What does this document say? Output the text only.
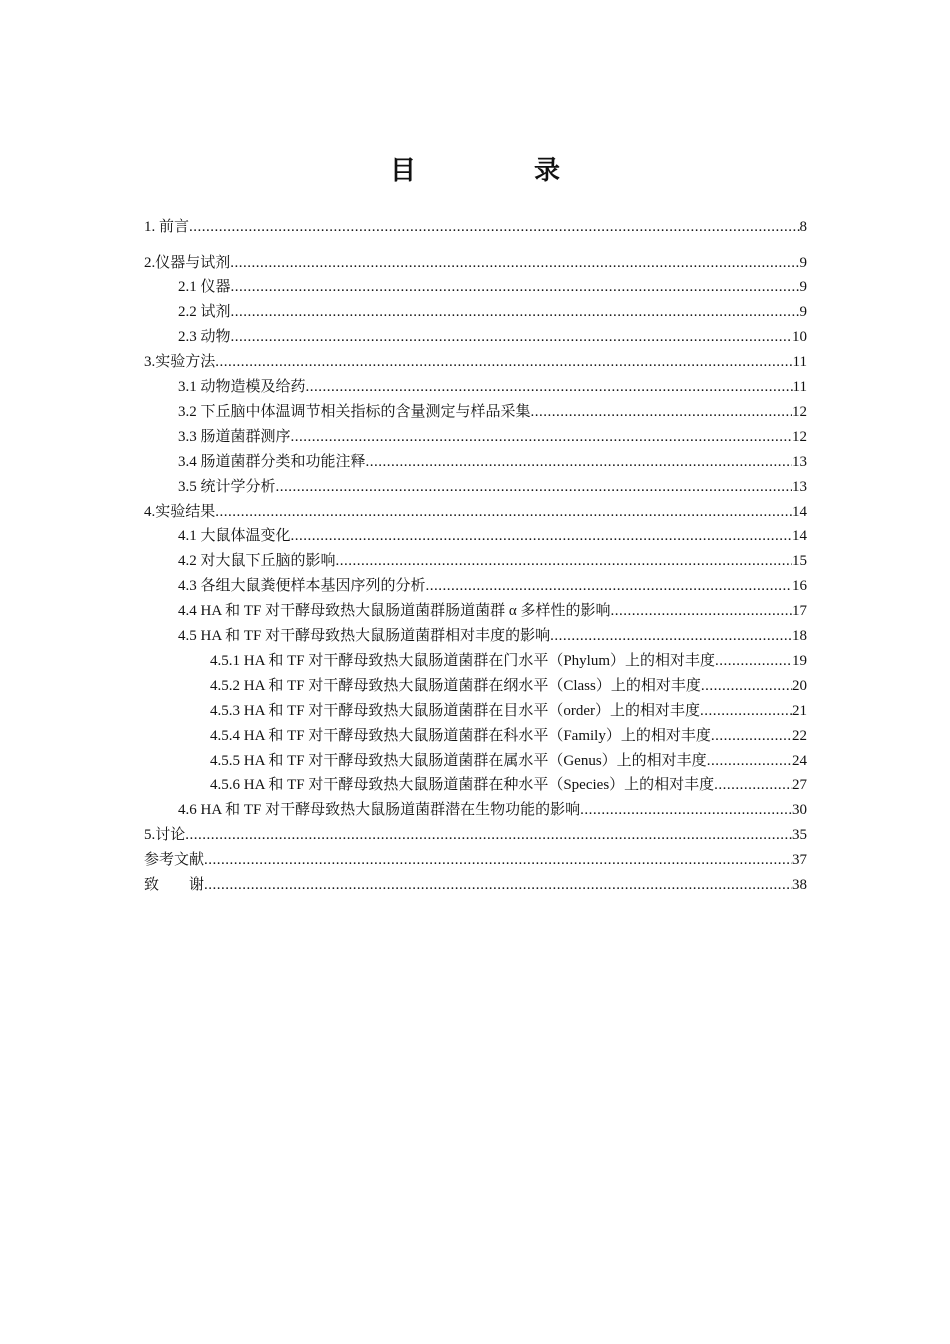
目　录
1. 前言 .....	8
2.仪器与试剂 .....	9
2.1 仪器 .....	9
2.2 试剂 .....	9
2.3 动物 .....	10
3.实验方法 .....	11
3.1 动物造模及给药 .....	11
3.2 下丘脑中体温调节相关指标的含量测定与样品采集 .....	12
3.3 肠道菌群测序 .....	12
3.4 肠道菌群分类和功能注释 .....	13
3.5 统计学分析 .....	13
4.实验结果 .....	14
4.1 大鼠体温变化 .....	14
4.2 对大鼠下丘脑的影响 .....	15
4.3 各组大鼠粪便样本基因序列的分析 .....	16
4.4 HA 和 TF 对干酵母致热大鼠肠道菌群肠道菌群 α 多样性的影响 .....	17
4.5 HA 和 TF 对干酵母致热大鼠肠道菌群相对丰度的影响 .....	18
4.5.1 HA 和 TF 对干酵母致热大鼠肠道菌群在门水平（Phylum）上的相对丰度 .....	19
4.5.2 HA 和 TF 对干酵母致热大鼠肠道菌群在纲水平（Class）上的相对丰度 .....	20
4.5.3 HA 和 TF 对干酵母致热大鼠肠道菌群在目水平（order）上的相对丰度 .....	21
4.5.4 HA 和 TF 对干酵母致热大鼠肠道菌群在科水平（Family）上的相对丰度 .....	22
4.5.5 HA 和 TF 对干酵母致热大鼠肠道菌群在属水平（Genus）上的相对丰度 .....	24
4.5.6 HA 和 TF 对干酵母致热大鼠肠道菌群在种水平（Species）上的相对丰度 .....	27
4.6 HA 和 TF 对干酵母致热大鼠肠道菌群潜在生物功能的影响 .....	30
5.讨论 .....	35
参考文献 .....	37
致　　谢 .....	38
